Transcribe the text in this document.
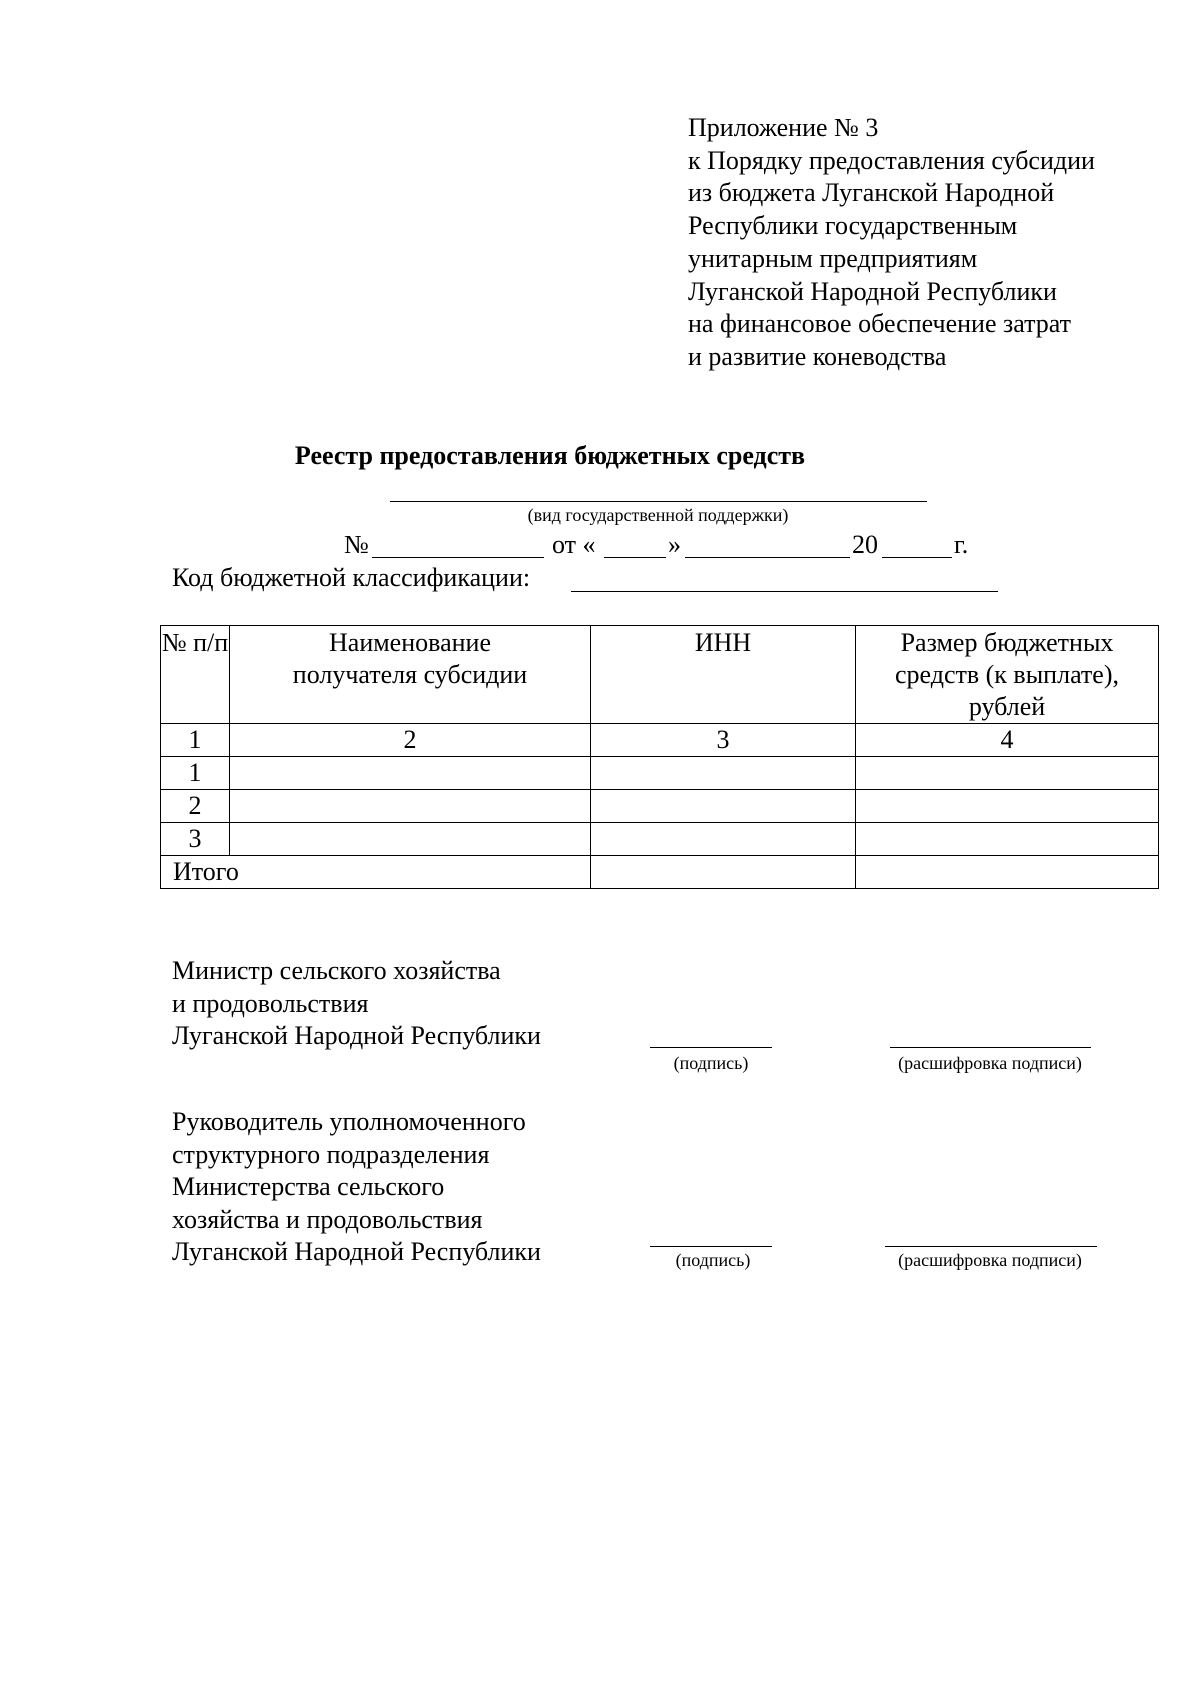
Приложение № 3
к Порядку предоставления субсидии
из бюджета Луганской Народной
Республики государственным
унитарным предприятиям
Луганской Народной Республики
на финансовое обеспечение затрат
и развитие коневодства
Реестр предоставления бюджетных средств
(вид государственной поддержки)
№	от «	»	20	г.
Код бюджетной классификации:
№ п/п	Наименование получателя субсидии	ИНН	Размер бюджетных средств (к выплате), рублей
1	2	3	4
1			
2			
3			
Итого			
Министр сельского хозяйства
и продовольствия
Луганской Народной Республики
(подпись)	(расшифровка подписи)
Руководитель уполномоченного
структурного подразделения
Министерства сельского
хозяйства и продовольствия
Луганской Народной Республики	(подпись)	(расшифровка подписи)
